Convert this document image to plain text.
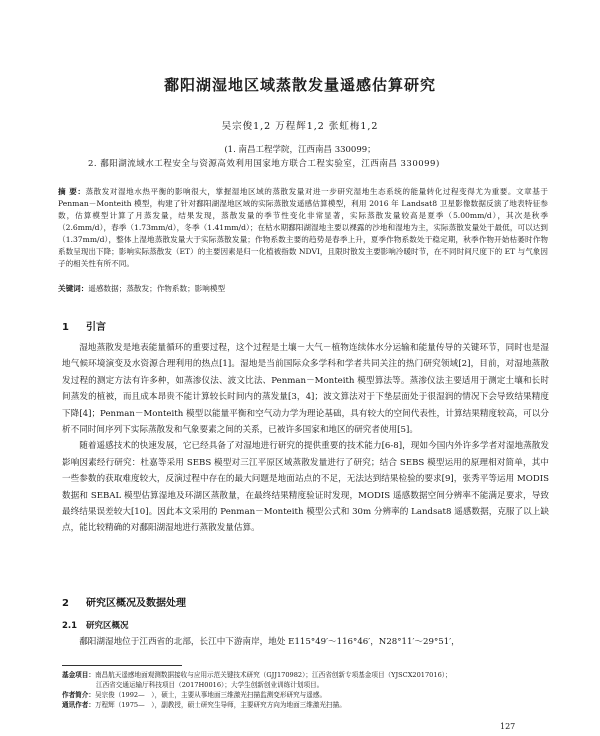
鄱阳湖湿地区域蒸散发量遥感估算研究
吴宗俊1,2 万程辉1,2 张虹梅1,2
(1. 南昌工程学院，江西南昌 330099；
2. 鄱阳湖流域水工程安全与资源高效利用国家地方联合工程实验室，江西南昌 330099)
摘 要：蒸散发对湿地水热平衡的影响很大，掌握湿地区域的蒸散发量对进一步研究湿地生态系统的能量转化过程变得尤为重要。文章基于 Penman－Monteith 模型，构建了针对鄱阳湖湿地区域的实际蒸散发遥感估算模型，利用 2016 年 Landsat8 卫星影像数据反演了地表特征参数，估算模型计算了月蒸发量，结果发现，蒸散发量的季节性变化非常显著，实际蒸散发量较高是夏季（5.00mm/d），其次是秋季（2.6mm/d），春季（1.73mm/d），冬季（1.41mm/d）；在枯水期鄱阳湖湿地主要以裸露的沙地和湿地为主，实际蒸散发量处于最低，可以达到（1.37mm/d），整体上湿地蒸散发量大于实际蒸散发量；作物系数主要的趋势是春季上升，夏季作物系数处于稳定期，秋季作物开始枯萎时作物系数呈现出下降；影响实际蒸散发（ET）的主要因素是归一化植被指数 NDVI，且限时散发主要影响冷暖时节，在不同时间尺度下的 ET 与气象因子的相关性有所不同。
关键词：遥感数据；蒸散发；作物系数；影响模型
1 引言

湿地蒸散发是地表能量循环的重要过程，这个过程是土壤－大气－植物连续体水分运输和能量传导的关键环节，同时也是湿地气候环境演变及水资源合理利用的热点[1]。湿地是当前国际众多学科和学者共同关注的热门研究领域[2]，目前，对湿地蒸散发过程的测定方法有许多种，如蒸渗仪法、波文比法、Penman－Monteith 模型算法等。蒸渗仪法主要适用于测定土壤和长时间蒸发的植被，而且成本昂贵不能计算较长时间内的蒸发量[3，4]；波文算法对于下垫层面处于很湿润的情况下会导致结果精度下降[4]；Penman－Monteith 模型以能量平衡和空气动力学为理论基础，具有较大的空间代表性，计算结果精度较高，可以分析不同时间序列下实际蒸散发和气象要素之间的关系，已被许多国家和地区的研究者使用[5]。

随着遥感技术的快速发展，它已经具备了对湿地进行研究的提供重要的技术能力[6-8]，现如今国内外许多学者对湿地蒸散发影响因素经行研究：杜嘉等采用 SEBS 模型对三江平原区域蒸散发量进行了研究；结合 SEBS 模型运用的原理相对简单，其中一些参数的获取难度较大，反演过程中存在的最大问题是地面站点的不足，无法达到结果检验的要求[9]，张秀平等运用 MODIS 数据和 SEBAL 模型估算湿地及环湖区蒸散量，在最终结果精度验证时发现，MODIS 遥感数据空间分辨率不能满足要求，导致最终结果误差较大[10]。因此本文采用的 Penman－Monteith 模型公式和 30m 分辨率的 Landsat8 遥感数据，克服了以上缺点，能比较精确的对鄱阳湖湿地进行蒸散发量估算。

2 研究区概况及数据处理
2.1 研究区概况

鄱阳湖湿地位于江西省的北部，长江中下游南岸，地处 E115°49′～116°46′，N28°11′～29°51′，

基金项目：南昌航天遥感地面观测数据接收与应用示范关键技术研究（GJJ170982）；江西省创新专项基金项目（YJSCX2017016）；
江西省交通运输厅科技项目（2017H0016）；大学生创新创业训练计划项目。
作者简介：吴宗俊（1992—　），硕士，主要从事地面三维激光扫描监测变形研究与遥感。
通讯作者：万程辉（1975—　），副教授，硕士研究生导师，主要研究方向为地面三维激光扫描。
127
